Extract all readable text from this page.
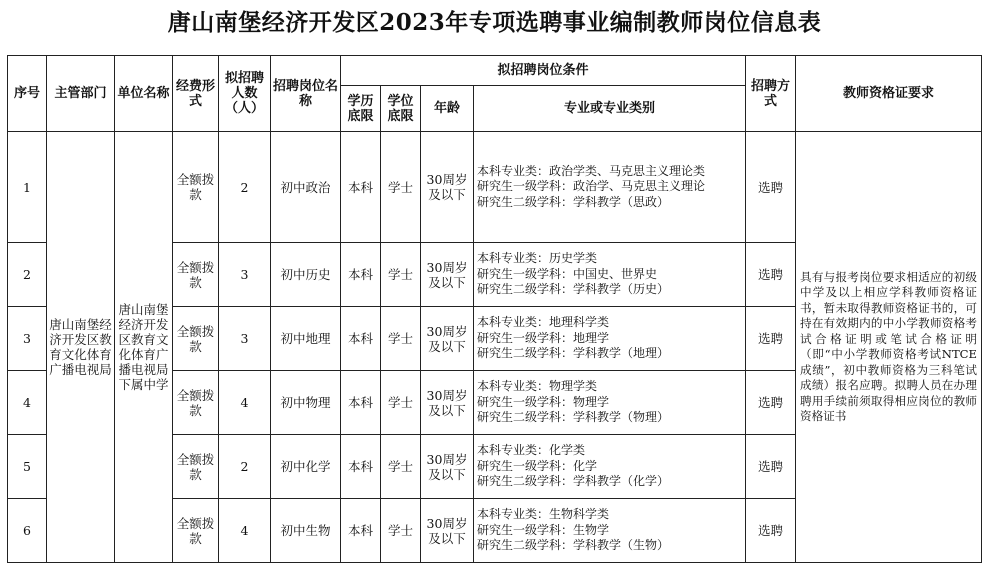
唐山南堡经济开发区2023年专项选聘事业编制教师岗位信息表
序号	主管部门	单位名称	经费形式	拟招聘人数（人）	招聘岗位名称	拟招聘岗位条件				招聘方式	教师资格证要求
						学历底限	学位底限	年龄	专业或专业类别		
1	唐山南堡经济开发区教育文化体育广播电视局	唐山南堡经济开发区教育文化体育广播电视局下属中学	全额拨款	2	初中政治	本科	学士	30周岁及以下	本科专业类：政治学类、马克思主义理论类
研究生一级学科：政治学、马克思主义理论
研究生二级学科：学科教学（思政）	选聘	具有与报考岗位要求相适应的初级中学及以上相应学科教师资格证书，暂未取得教师资格证书的，可持在有效期内的中小学教师资格考试合格证明或笔试合格证明（即“中小学教师资格考试NTCE成绩”，初中教师资格为三科笔试成绩）报名应聘。拟聘人员在办理聘用手续前须取得相应岗位的教师资格证书
2			全额拨款	3	初中历史	本科	学士	30周岁及以下	本科专业类：历史学类
研究生一级学科：中国史、世界史
研究生二级学科：学科教学（历史）	选聘	
3			全额拨款	3	初中地理	本科	学士	30周岁及以下	本科专业类：地理科学类
研究生一级学科：地理学
研究生二级学科：学科教学（地理）	选聘	
4			全额拨款	4	初中物理	本科	学士	30周岁及以下	本科专业类：物理学类
研究生一级学科：物理学
研究生二级学科：学科教学（物理）	选聘	
5			全额拨款	2	初中化学	本科	学士	30周岁及以下	本科专业类：化学类
研究生一级学科：化学
研究生二级学科：学科教学（化学）	选聘	
6			全额拨款	4	初中生物	本科	学士	30周岁及以下	本科专业类：生物科学类
研究生一级学科：生物学
研究生二级学科：学科教学（生物）	选聘	
